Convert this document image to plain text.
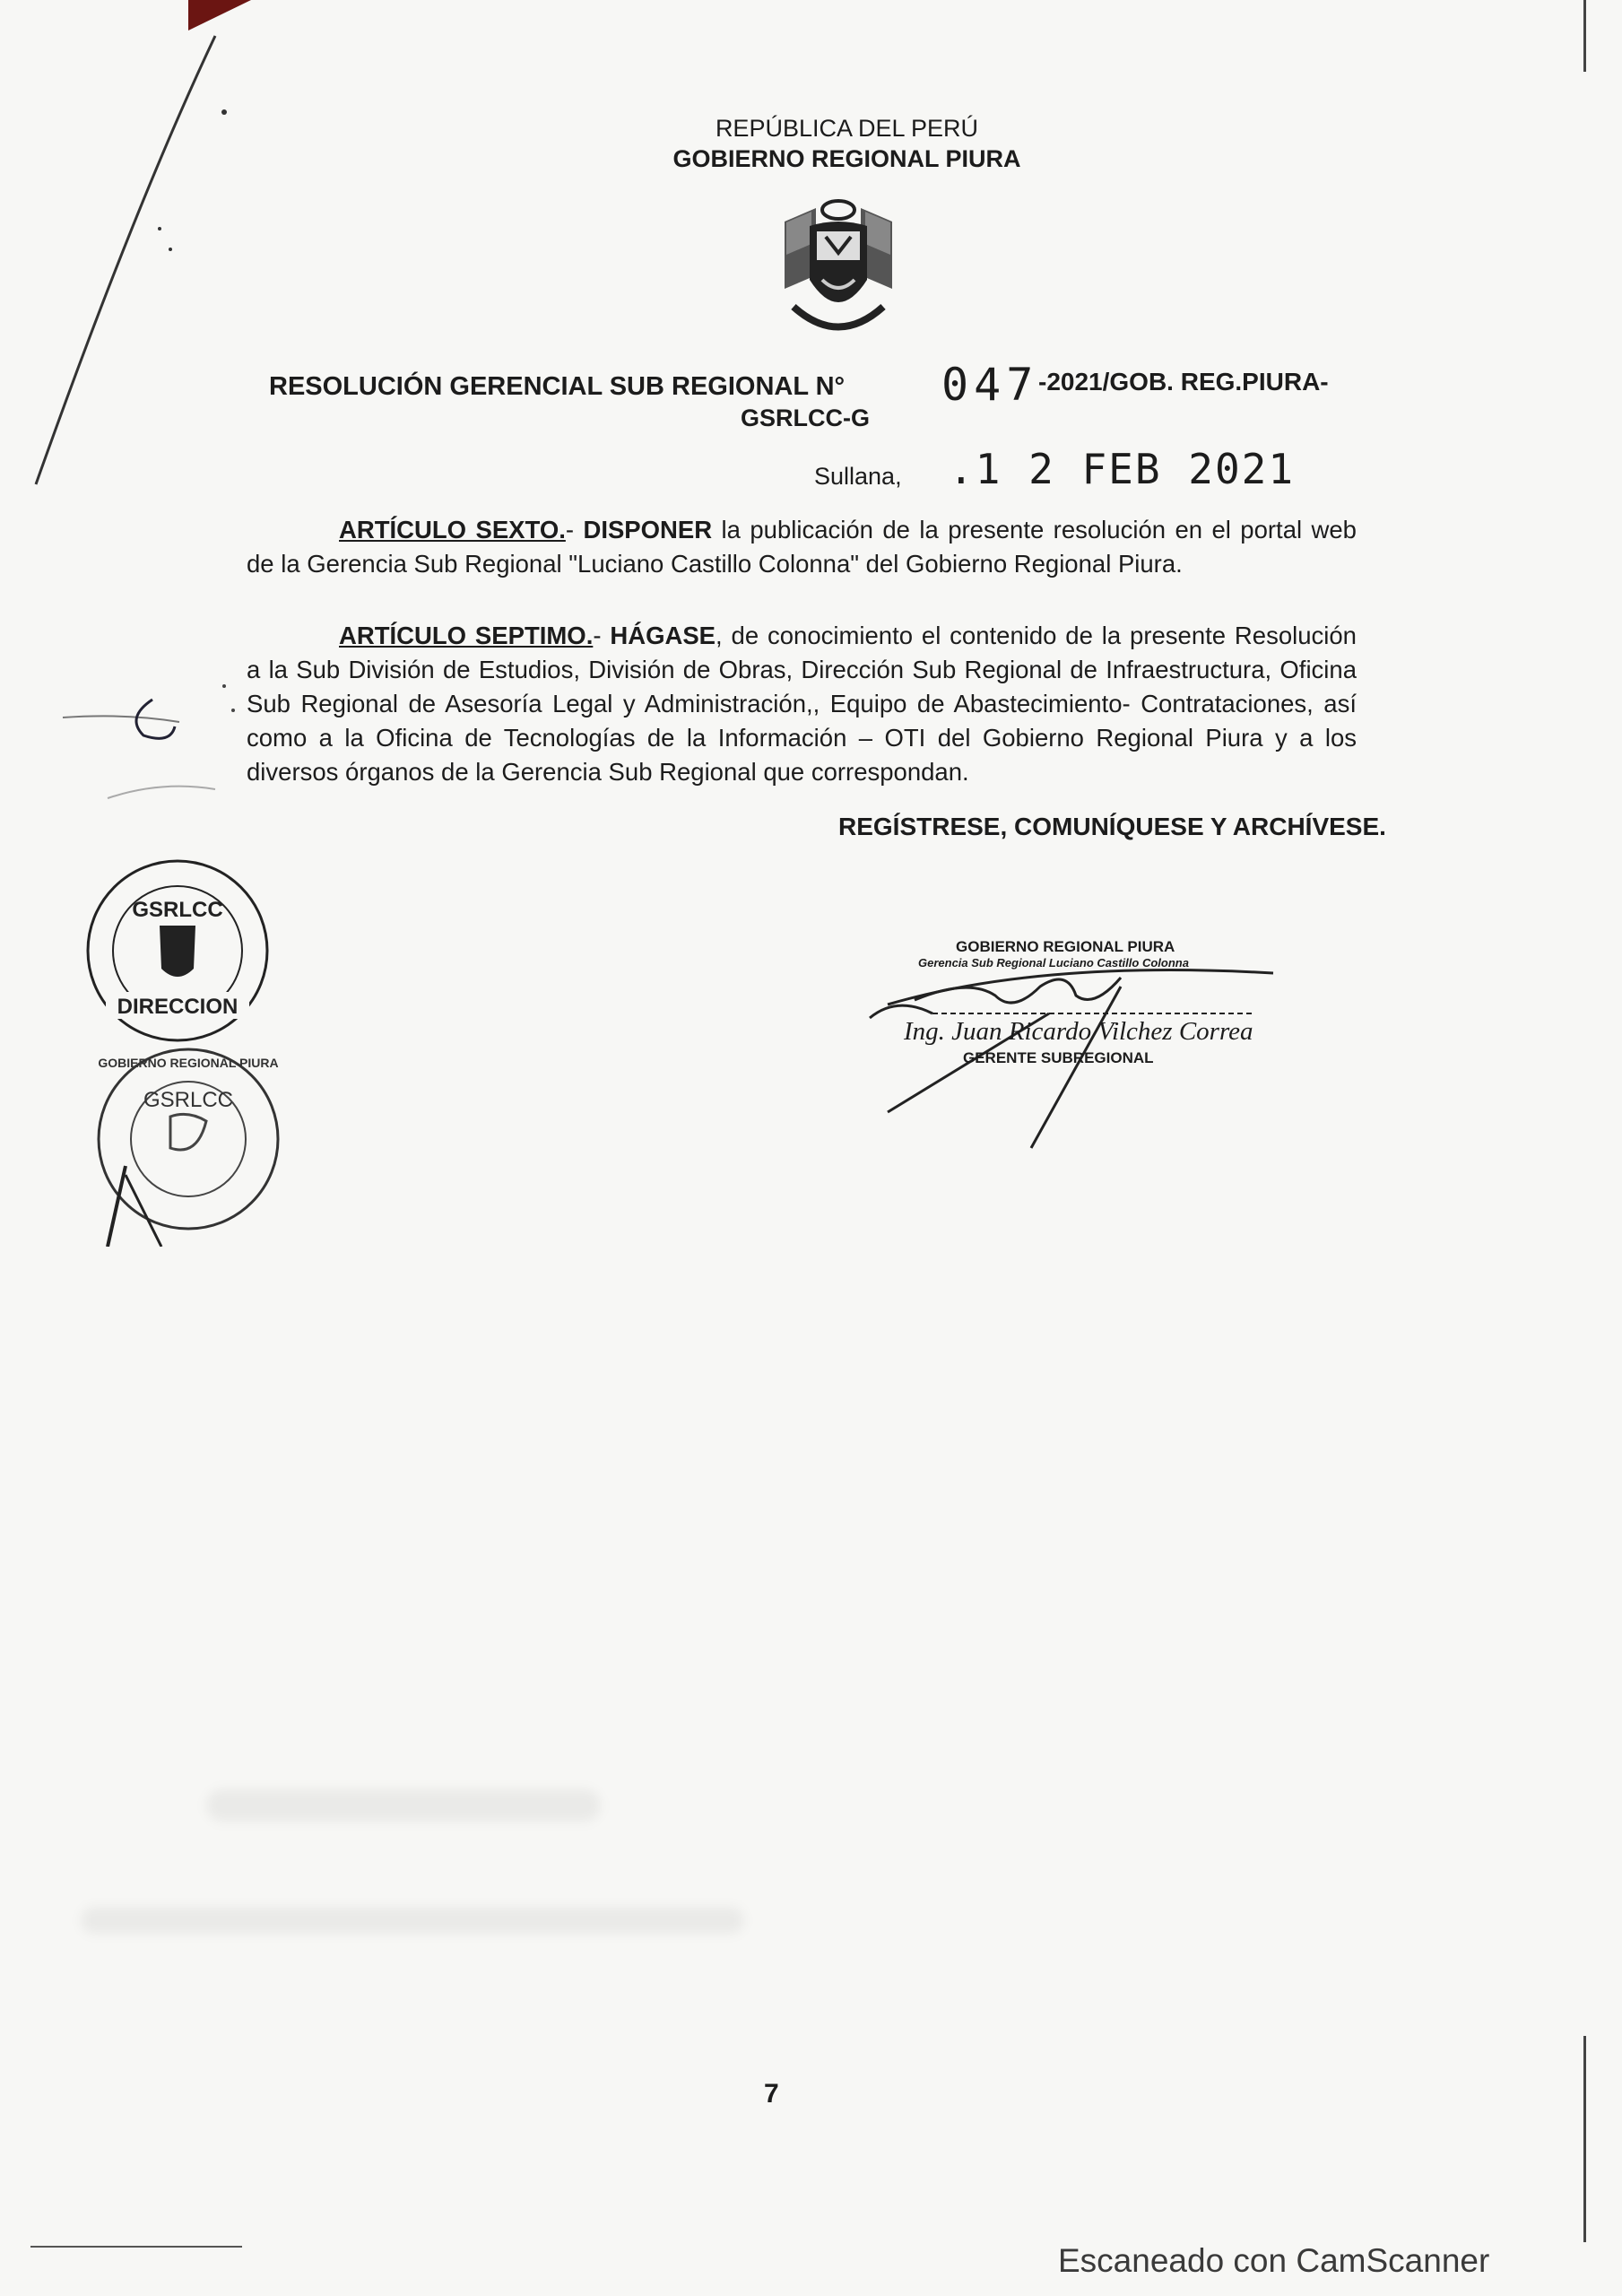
REPÚBLICA DEL PERÚ
GOBIERNO REGIONAL PIURA
RESOLUCIÓN GERENCIAL SUB REGIONAL N°
GSRLCC-G
047 -2021/GOB. REG.PIURA-
Sullana, .1 2 FEB 2021

ARTÍCULO SEXTO.- DISPONER la publicación de la presente resolución en el portal web de la Gerencia Sub Regional "Luciano Castillo Colonna" del Gobierno Regional Piura.

ARTÍCULO SEPTIMO.- HÁGASE, de conocimiento el contenido de la presente Resolución a la Sub División de Estudios, División de Obras, Dirección Sub Regional de Infraestructura, Oficina Sub Regional de Asesoría Legal y Administración,, Equipo de Abastecimiento- Contrataciones, así como a la Oficina de Tecnologías de la Información – OTI del Gobierno Regional Piura y a los diversos órganos de la Gerencia Sub Regional que correspondan.

REGÍSTRESE, COMUNÍQUESE Y ARCHÍVESE.
GOBIERNO REGIONAL PIURA
Gerencia Sub Regional Luciano Castillo Colonna
Ing. Juan Ricardo Vilchez Correa
GERENTE SUBREGIONAL
GSRLCC
DIRECCION
GOBIERNO REGIONAL PIURA
GSRLCC
7
Escaneado con CamScanner
